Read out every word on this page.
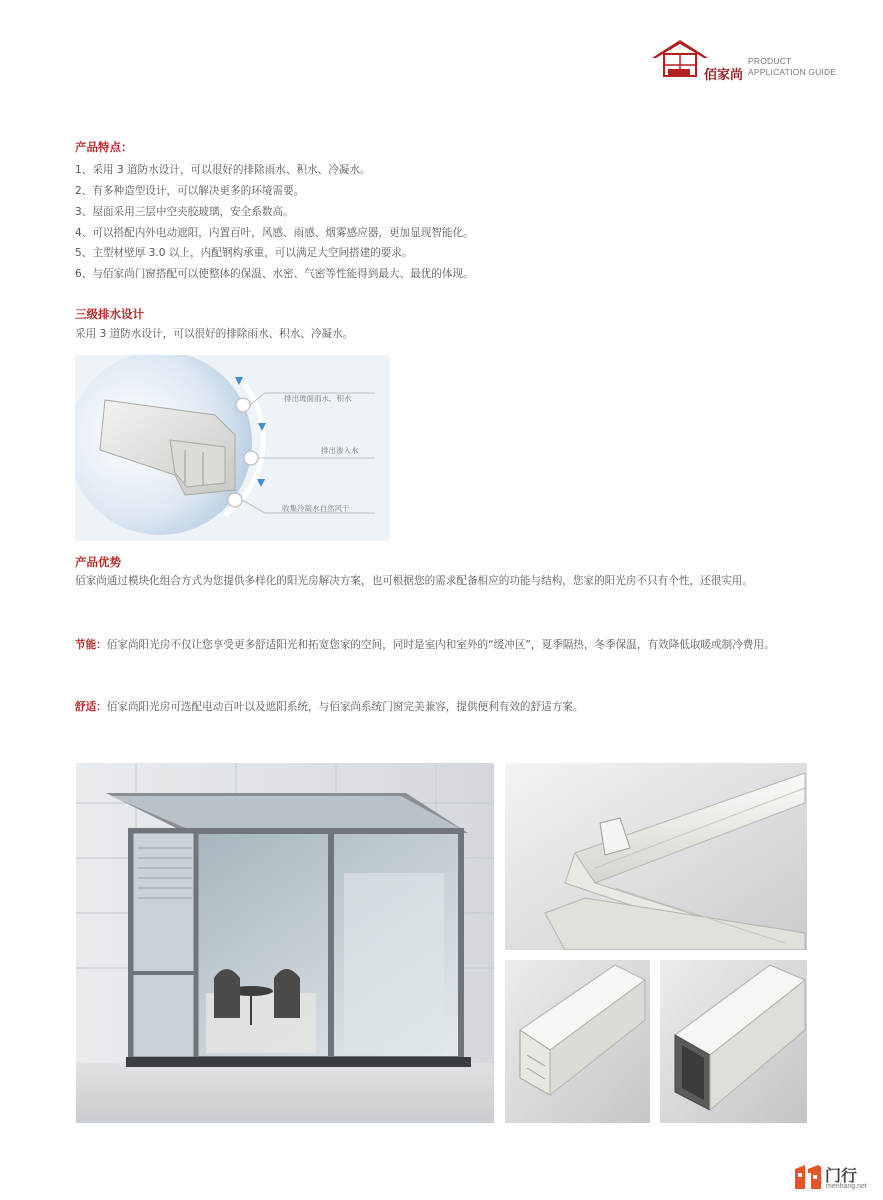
佰家尚
PRODUCT
APPLICATION GUIDE
产品特点：
1、采用 3 道防水设计，可以很好的排除雨水、积水、冷凝水。
2、有多种造型设计，可以解决更多的环境需要。
3、屋面采用三层中空夹胶玻璃，安全系数高。
4、可以搭配内外电动遮阳，内置百叶，风感、雨感、烟雾感应器，更加显现智能化。
5、主型材壁厚 3.0 以上，内配钢构承重，可以满足大空间搭建的要求。
6、与佰家尚门窗搭配可以使整体的保温、水密、气密等性能得到最大、最优的体现。
三级排水设计
采用 3 道防水设计，可以很好的排除雨水、积水、冷凝水。
排出玻面雨水、积水
排出渗入水
收集冷凝水自然风干
产品优势
佰家尚通过模块化组合方式为您提供多样化的阳光房解决方案，也可根据您的需求配备相应的功能与结构，您家的阳光房不只有个性，还很实用。
节能：佰家尚阳光房不仅让您享受更多舒适阳光和拓宽您家的空间，同时是室内和室外的“缓冲区”，夏季隔热，冬季保温，有效降低取暖或制冷费用。
舒适：佰家尚阳光房可选配电动百叶以及遮阳系统，与佰家尚系统门窗完美兼容，提供便利有效的舒适方案。
门行
menhang.net
